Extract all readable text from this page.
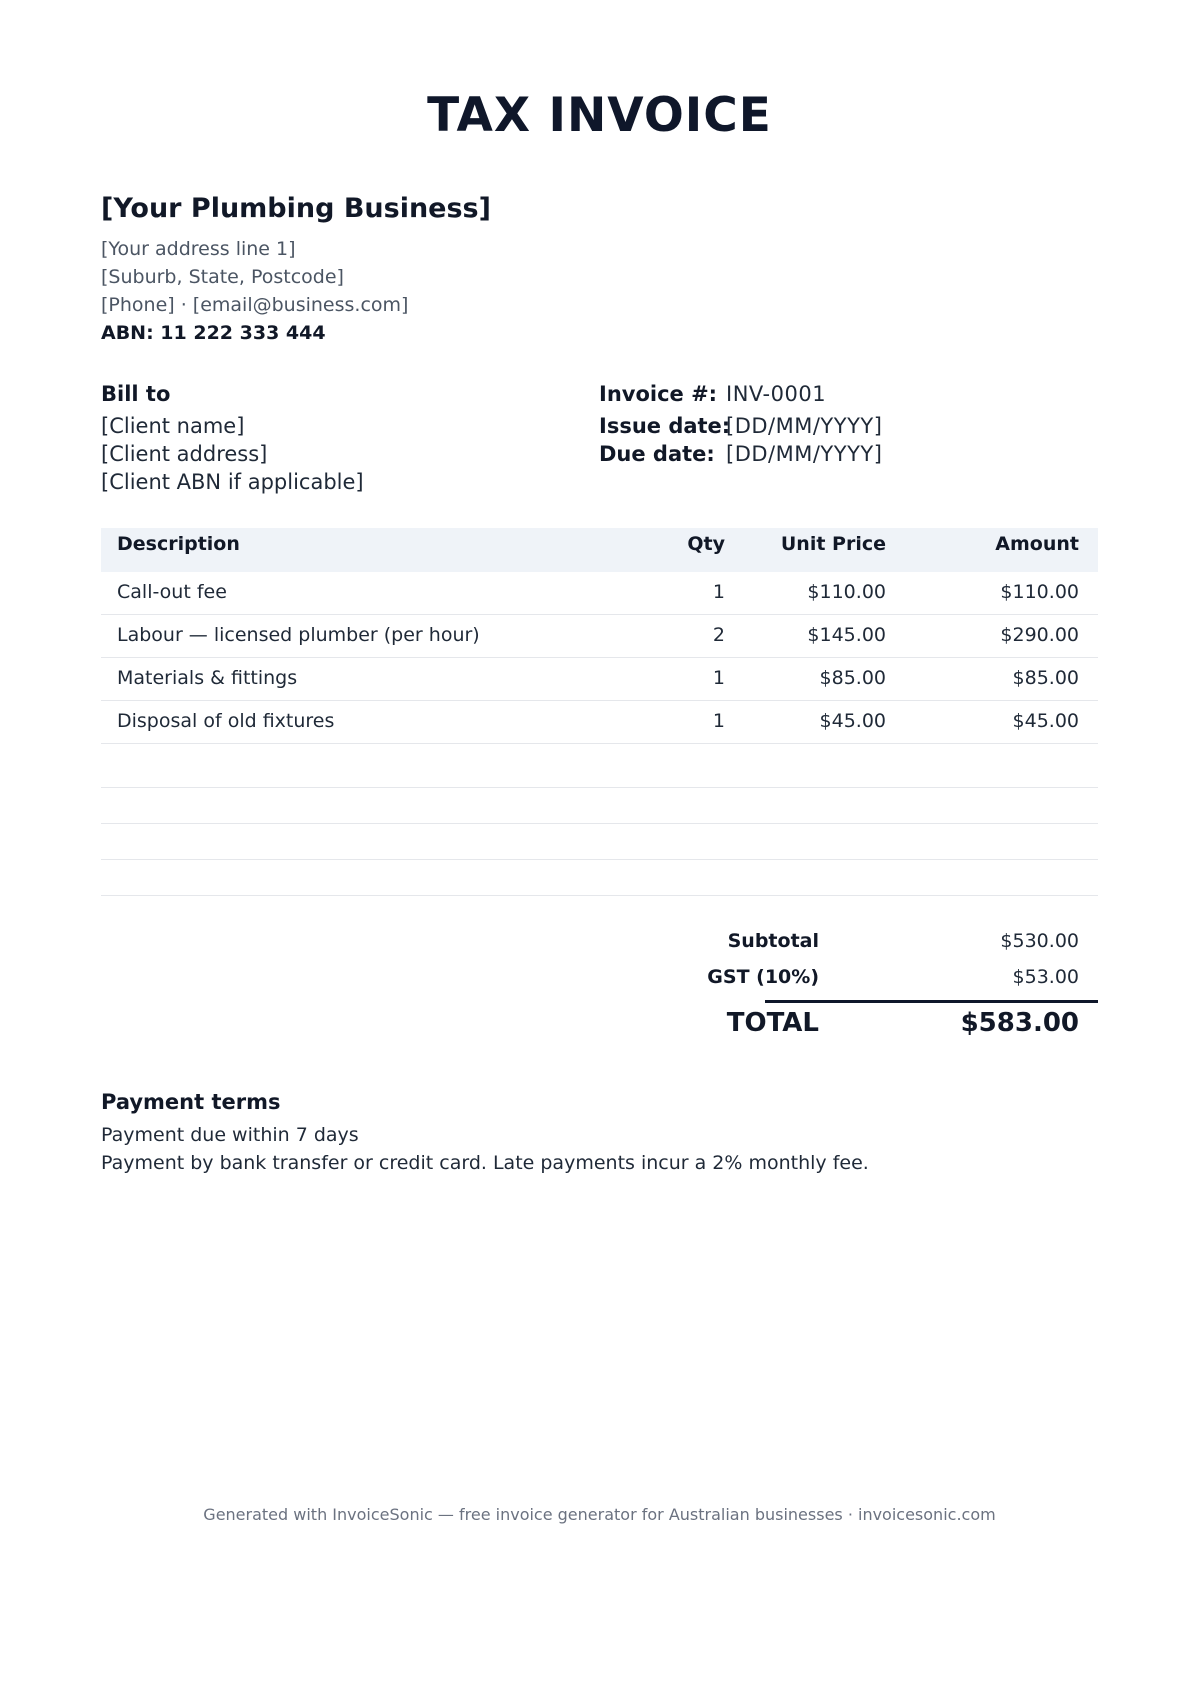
TAX INVOICE
[Your Plumbing Business]
[Your address line 1]
[Suburb, State, Postcode]
[Phone] · [email@business.com]
ABN: 11 222 333 444
Bill to
[Client name]
[Client address]
[Client ABN if applicable]
Invoice #: INV-0001
Issue date:
[DD/MM/YYYY]
Due date: [DD/MM/YYYY]
Description	Qty	Unit Price	Amount
Call-out fee	1	$110.00	$110.00
Labour — licensed plumber (per hour)	2	$145.00	$290.00
Materials & fittings	1	$85.00	$85.00
Disposal of old fixtures	1	$45.00	$45.00
Subtotal	$530.00
GST (10%)	$53.00
TOTAL	$583.00
Payment terms
Payment due within 7 days
Payment by bank transfer or credit card. Late payments incur a 2% monthly fee.
Generated with InvoiceSonic — free invoice generator for Australian businesses · invoicesonic.com
